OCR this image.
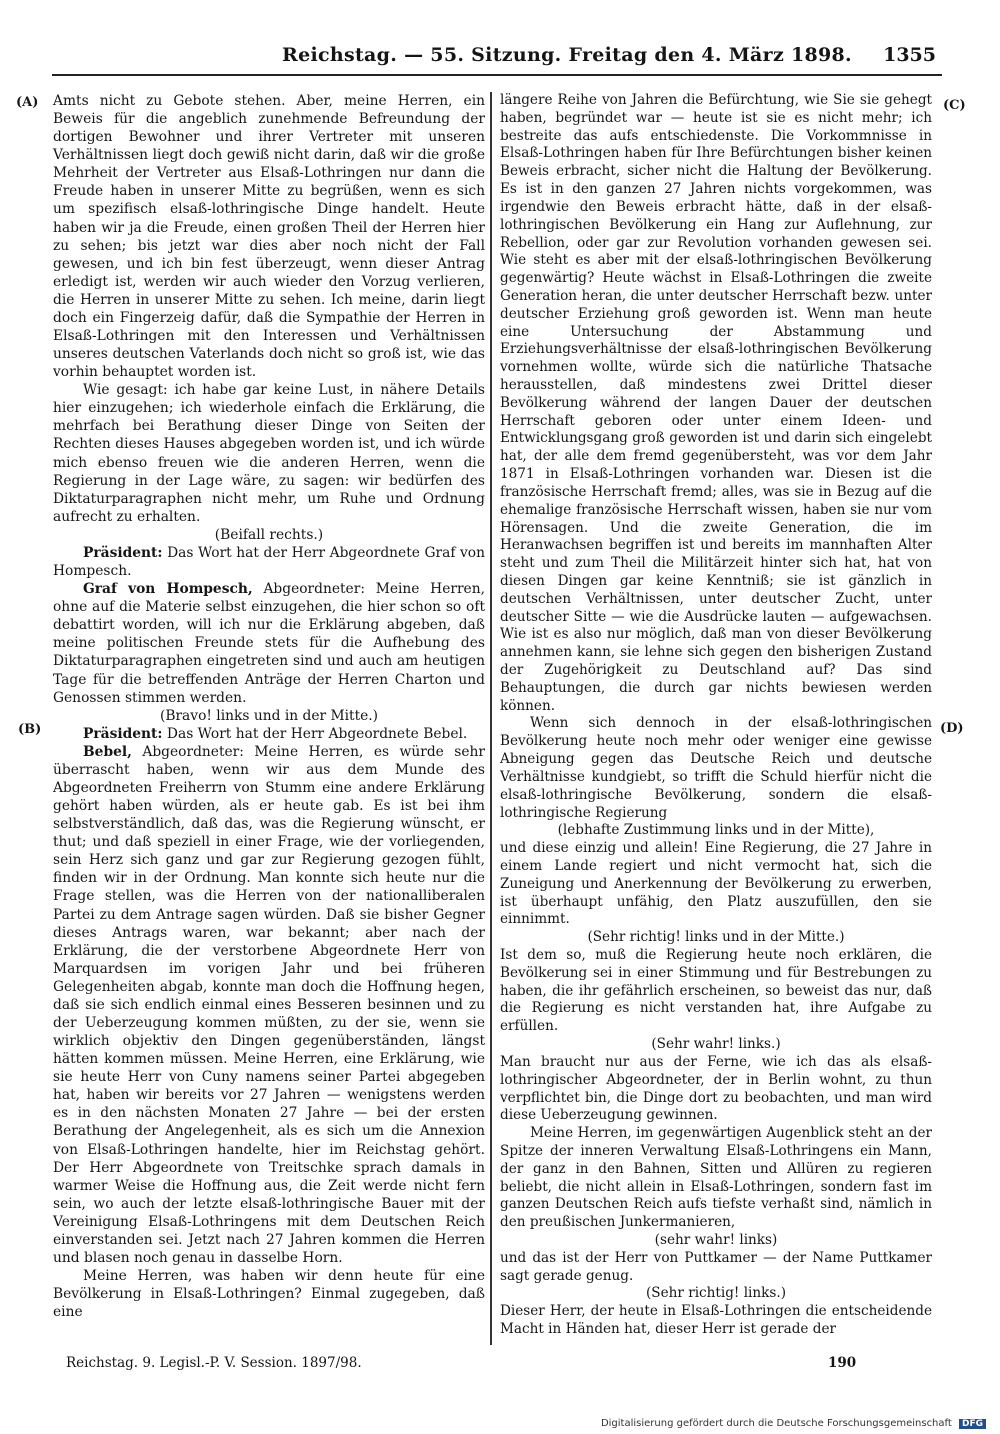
Reichstag. — 55. Sitzung. Freitag den 4. März 1898. 1355

Amts nicht zu Gebote stehen. Aber, meine Herren, ein Beweis für die angeblich zunehmende Befreundung der dortigen Bewohner und ihrer Vertreter mit unseren Verhältnissen liegt doch gewiß nicht darin, daß wir die große Mehrheit der Vertreter aus Elsaß-Lothringen nur dann die Freude haben in unserer Mitte zu begrüßen, wenn es sich um spezifisch elsaß-lothringische Dinge handelt. Heute haben wir ja die Freude, einen großen Theil der Herren hier zu sehen; bis jetzt war dies aber noch nicht der Fall gewesen, und ich bin fest überzeugt, wenn dieser Antrag erledigt ist, werden wir auch wieder den Vorzug verlieren, die Herren in unserer Mitte zu sehen. Ich meine, darin liegt doch ein Fingerzeig dafür, daß die Sympathie der Herren in Elsaß-Lothringen mit den Interessen und Verhältnissen unseres deutschen Vaterlands doch nicht so groß ist, wie das vorhin behauptet worden ist.

Wie gesagt: ich habe gar keine Lust, in nähere Details hier einzugehen; ich wiederhole einfach die Erklärung, die mehrfach bei Berathung dieser Dinge von Seiten der Rechten dieses Hauses abgegeben worden ist, und ich würde mich ebenso freuen wie die anderen Herren, wenn die Regierung in der Lage wäre, zu sagen: wir bedürfen des Diktaturparagraphen nicht mehr, um Ruhe und Ordnung aufrecht zu erhalten.

(Beifall rechts.)

Präsident: Das Wort hat der Herr Abgeordnete Graf von Hompesch.

Graf von Hompesch, Abgeordneter: Meine Herren, ohne auf die Materie selbst einzugehen, die hier schon so oft debattirt worden, will ich nur die Erklärung abgeben, daß meine politischen Freunde stets für die Aufhebung des Diktaturparagraphen eingetreten sind und auch am heutigen Tage für die betreffenden Anträge der Herren Charton und Genossen stimmen werden.

(Bravo! links und in der Mitte.)

Präsident: Das Wort hat der Herr Abgeordnete Bebel.

Bebel, Abgeordneter: Meine Herren, es würde sehr überrascht haben, wenn wir aus dem Munde des Abgeordneten Freiherrn von Stumm eine andere Erklärung gehört haben würden, als er heute gab. Es ist bei ihm selbstverständlich, daß das, was die Regierung wünscht, er thut; und daß speziell in einer Frage, wie der vorliegenden, sein Herz sich ganz und gar zur Regierung gezogen fühlt, finden wir in der Ordnung. Man konnte sich heute nur die Frage stellen, was die Herren von der nationalliberalen Partei zu dem Antrage sagen würden. Daß sie bisher Gegner dieses Antrags waren, war bekannt; aber nach der Erklärung, die der verstorbene Abgeordnete Herr von Marquardsen im vorigen Jahr und bei früheren Gelegenheiten abgab, konnte man doch die Hoffnung hegen, daß sie sich endlich einmal eines Besseren besinnen und zu der Ueberzeugung kommen müßten, zu der sie, wenn sie wirklich objektiv den Dingen gegenüberständen, längst hätten kommen müssen. Meine Herren, eine Erklärung, wie sie heute Herr von Cuny namens seiner Partei abgegeben hat, haben wir bereits vor 27 Jahren — wenigstens werden es in den nächsten Monaten 27 Jahre — bei der ersten Berathung der Angelegenheit, als es sich um die Annexion von Elsaß-Lothringen handelte, hier im Reichstag gehört. Der Herr Abgeordnete von Treitschke sprach damals in warmer Weise die Hoffnung aus, die Zeit werde nicht fern sein, wo auch der letzte elsaß-lothringische Bauer mit der Vereinigung Elsaß-Lothringens mit dem Deutschen Reich einverstanden sei. Jetzt nach 27 Jahren kommen die Herren und blasen noch genau in dasselbe Horn.

Meine Herren, was haben wir denn heute für eine Bevölkerung in Elsaß-Lothringen? Einmal zugegeben, daß eine

längere Reihe von Jahren die Befürchtung, wie Sie sie gehegt haben, begründet war — heute ist sie es nicht mehr; ich bestreite das aufs entschiedenste. Die Vorkommnisse in Elsaß-Lothringen haben für Ihre Befürchtungen bisher keinen Beweis erbracht, sicher nicht die Haltung der Bevölkerung. Es ist in den ganzen 27 Jahren nichts vorgekommen, was irgendwie den Beweis erbracht hätte, daß in der elsaß-lothringischen Bevölkerung ein Hang zur Auflehnung, zur Rebellion, oder gar zur Revolution vorhanden gewesen sei. Wie steht es aber mit der elsaß-lothringischen Bevölkerung gegenwärtig? Heute wächst in Elsaß-Lothringen die zweite Generation heran, die unter deutscher Herrschaft bezw. unter deutscher Erziehung groß geworden ist. Wenn man heute eine Untersuchung der Abstammung und Erziehungsverhältnisse der elsaß-lothringischen Bevölkerung vornehmen wollte, würde sich die natürliche Thatsache herausstellen, daß mindestens zwei Drittel dieser Bevölkerung während der langen Dauer der deutschen Herrschaft geboren oder unter einem Ideen- und Entwicklungsgang groß geworden ist und darin sich eingelebt hat, der alle dem fremd gegenübersteht, was vor dem Jahr 1871 in Elsaß-Lothringen vorhanden war. Diesen ist die französische Herrschaft fremd; alles, was sie in Bezug auf die ehemalige französische Herrschaft wissen, haben sie nur vom Hörensagen. Und die zweite Generation, die im Heranwachsen begriffen ist und bereits im mannhaften Alter steht und zum Theil die Militärzeit hinter sich hat, hat von diesen Dingen gar keine Kenntniß; sie ist gänzlich in deutschen Verhältnissen, unter deutscher Zucht, unter deutscher Sitte — wie die Ausdrücke lauten — aufgewachsen. Wie ist es also nur möglich, daß man von dieser Bevölkerung annehmen kann, sie lehne sich gegen den bisherigen Zustand der Zugehörigkeit zu Deutschland auf? Das sind Behauptungen, die durch gar nichts bewiesen werden können.

Wenn sich dennoch in der elsaß-lothringischen Bevölkerung heute noch mehr oder weniger eine gewisse Abneigung gegen das Deutsche Reich und deutsche Verhältnisse kundgiebt, so trifft die Schuld hierfür nicht die elsaß-lothringische Bevölkerung, sondern die elsaß-lothringische Regierung

(lebhafte Zustimmung links und in der Mitte),

und diese einzig und allein! Eine Regierung, die 27 Jahre in einem Lande regiert und nicht vermocht hat, sich die Zuneigung und Anerkennung der Bevölkerung zu erwerben, ist überhaupt unfähig, den Platz auszufüllen, den sie einnimmt.

(Sehr richtig! links und in der Mitte.)

Ist dem so, muß die Regierung heute noch erklären, die Bevölkerung sei in einer Stimmung und für Bestrebungen zu haben, die ihr gefährlich erscheinen, so beweist das nur, daß die Regierung es nicht verstanden hat, ihre Aufgabe zu erfüllen.

(Sehr wahr! links.)

Man braucht nur aus der Ferne, wie ich das als elsaß-lothringischer Abgeordneter, der in Berlin wohnt, zu thun verpflichtet bin, die Dinge dort zu beobachten, und man wird diese Ueberzeugung gewinnen.

Meine Herren, im gegenwärtigen Augenblick steht an der Spitze der inneren Verwaltung Elsaß-Lothringens ein Mann, der ganz in den Bahnen, Sitten und Allüren zu regieren beliebt, die nicht allein in Elsaß-Lothringen, sondern fast im ganzen Deutschen Reich aufs tiefste verhaßt sind, nämlich in den preußischen Junkermanieren,

(sehr wahr! links)

und das ist der Herr von Puttkamer — der Name Puttkamer sagt gerade genug.

(Sehr richtig! links.)

Dieser Herr, der heute in Elsaß-Lothringen die entscheidende Macht in Händen hat, dieser Herr ist gerade der

(A)
(B)
(C)
(D)
Reichstag. 9. Legisl.-P. V. Session. 1897/98.	190
Digitalisierung gefördert durch die Deutsche Forschungsgemeinschaft DFG
